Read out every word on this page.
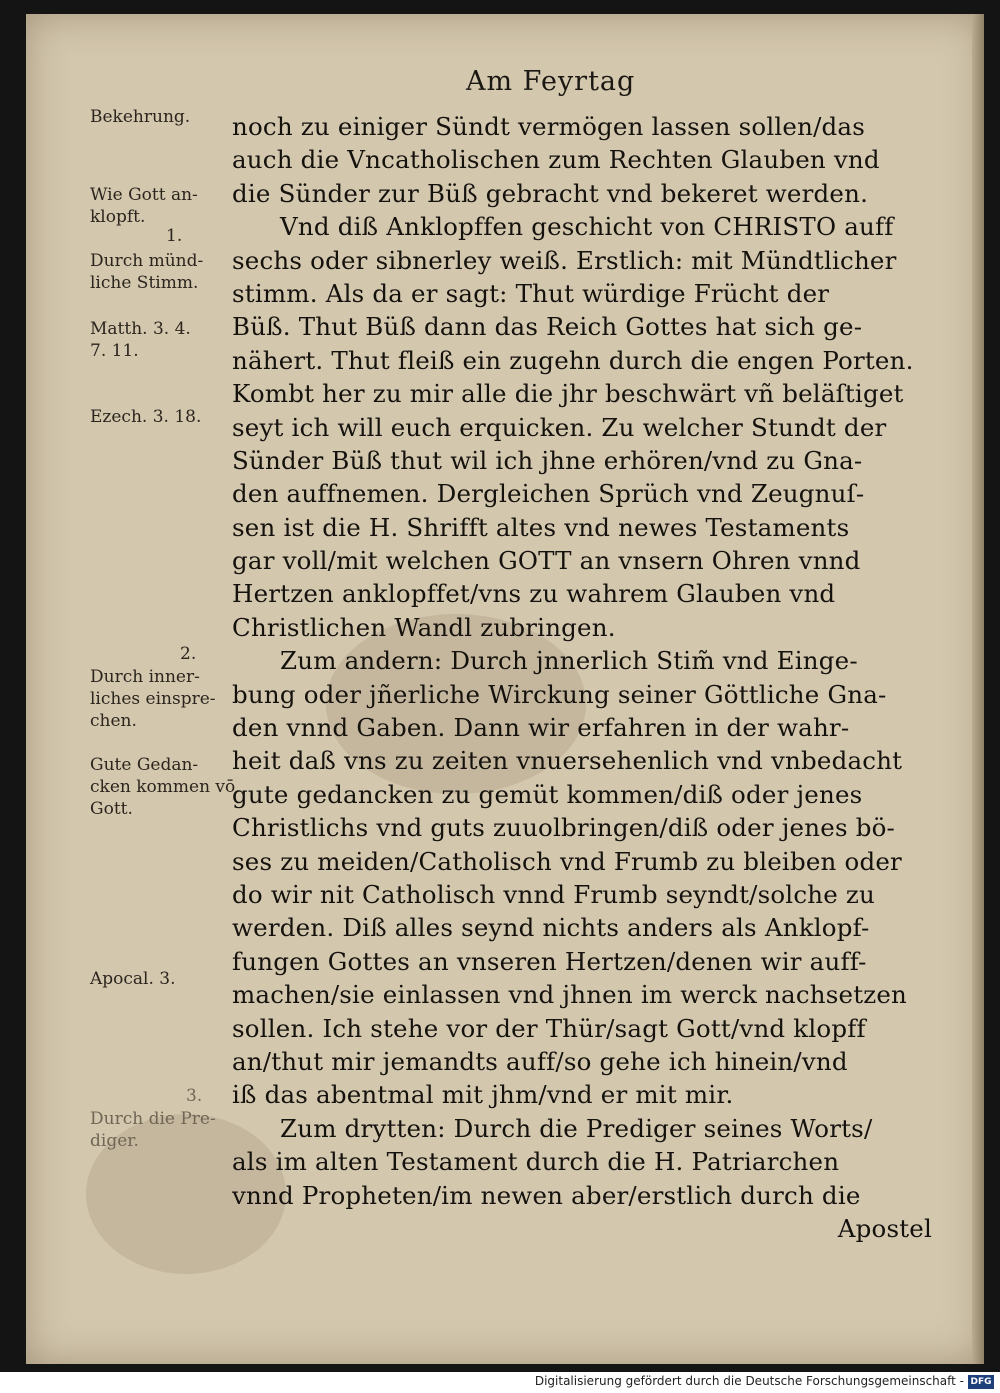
Am Feyrtag
Bekehrung.
Wie Gott an-
klopft.
1.
Durch münd-
liche Stimm.
Matth. 3. 4.
7. 11.
Ezech. 3. 18.
2.
Durch inner-
liches einspre-
chen.
Gute Gedan-
cken kommen vō
Gott.
Apocal. 3.
3.
Durch die Pre-
diger.
noch zu einiger Sündt vermögen lassen sollen/das
auch die Vncatholischen zum Rechten Glauben vnd
die Sünder zur Büß gebracht vnd bekeret werden.
Vnd diß Anklopffen geschicht von CHRISTO auff
sechs oder sibnerley weiß. Erstlich: mit Mündtlicher
stimm. Als da er sagt: Thut würdige Frücht der
Büß. Thut Büß dann das Reich Gottes hat sich ge-
nähert. Thut fleiß ein zugehn durch die engen Porten.
Kombt her zu mir alle die jhr beschwärt vñ beläſtiget
seyt ich will euch erquicken. Zu welcher Stundt der
Sünder Büß thut wil ich jhne erhören/vnd zu Gna-
den auffnemen. Dergleichen Sprüch vnd Zeugnuſ-
sen ist die H. Shrifft altes vnd newes Testaments
gar voll/mit welchen GOTT an vnsern Ohren vnnd
Hertzen anklopffet/vns zu wahrem Glauben vnd
Christlichen Wandl zubringen.
Zum andern: Durch jnnerlich Stim̃ vnd Einge-
bung oder jñerliche Wirckung seiner Göttliche Gna-
den vnnd Gaben. Dann wir erfahren in der wahr-
heit daß vns zu zeiten vnuersehenlich vnd vnbedacht
gute gedancken zu gemüt kommen/diß oder jenes
Christlichs vnd guts zuuolbringen/diß oder jenes bö-
ses zu meiden/Catholisch vnd Frumb zu bleiben oder
do wir nit Catholisch vnnd Frumb seyndt/solche zu
werden. Diß alles seynd nichts anders als Anklopf-
fungen Gottes an vnseren Hertzen/denen wir auff-
machen/sie einlassen vnd jhnen im werck nachsetzen
sollen. Ich stehe vor der Thür/sagt Gott/vnd klopff
an/thut mir jemandts auff/so gehe ich hinein/vnd
iß das abentmal mit jhm/vnd er mit mir.
Zum drytten: Durch die Prediger seines Worts/
als im alten Testament durch die H. Patriarchen
vnnd Propheten/im newen aber/erstlich durch die
Apostel
Digitalisierung gefördert durch die Deutsche Forschungsgemeinschaft - DFG
